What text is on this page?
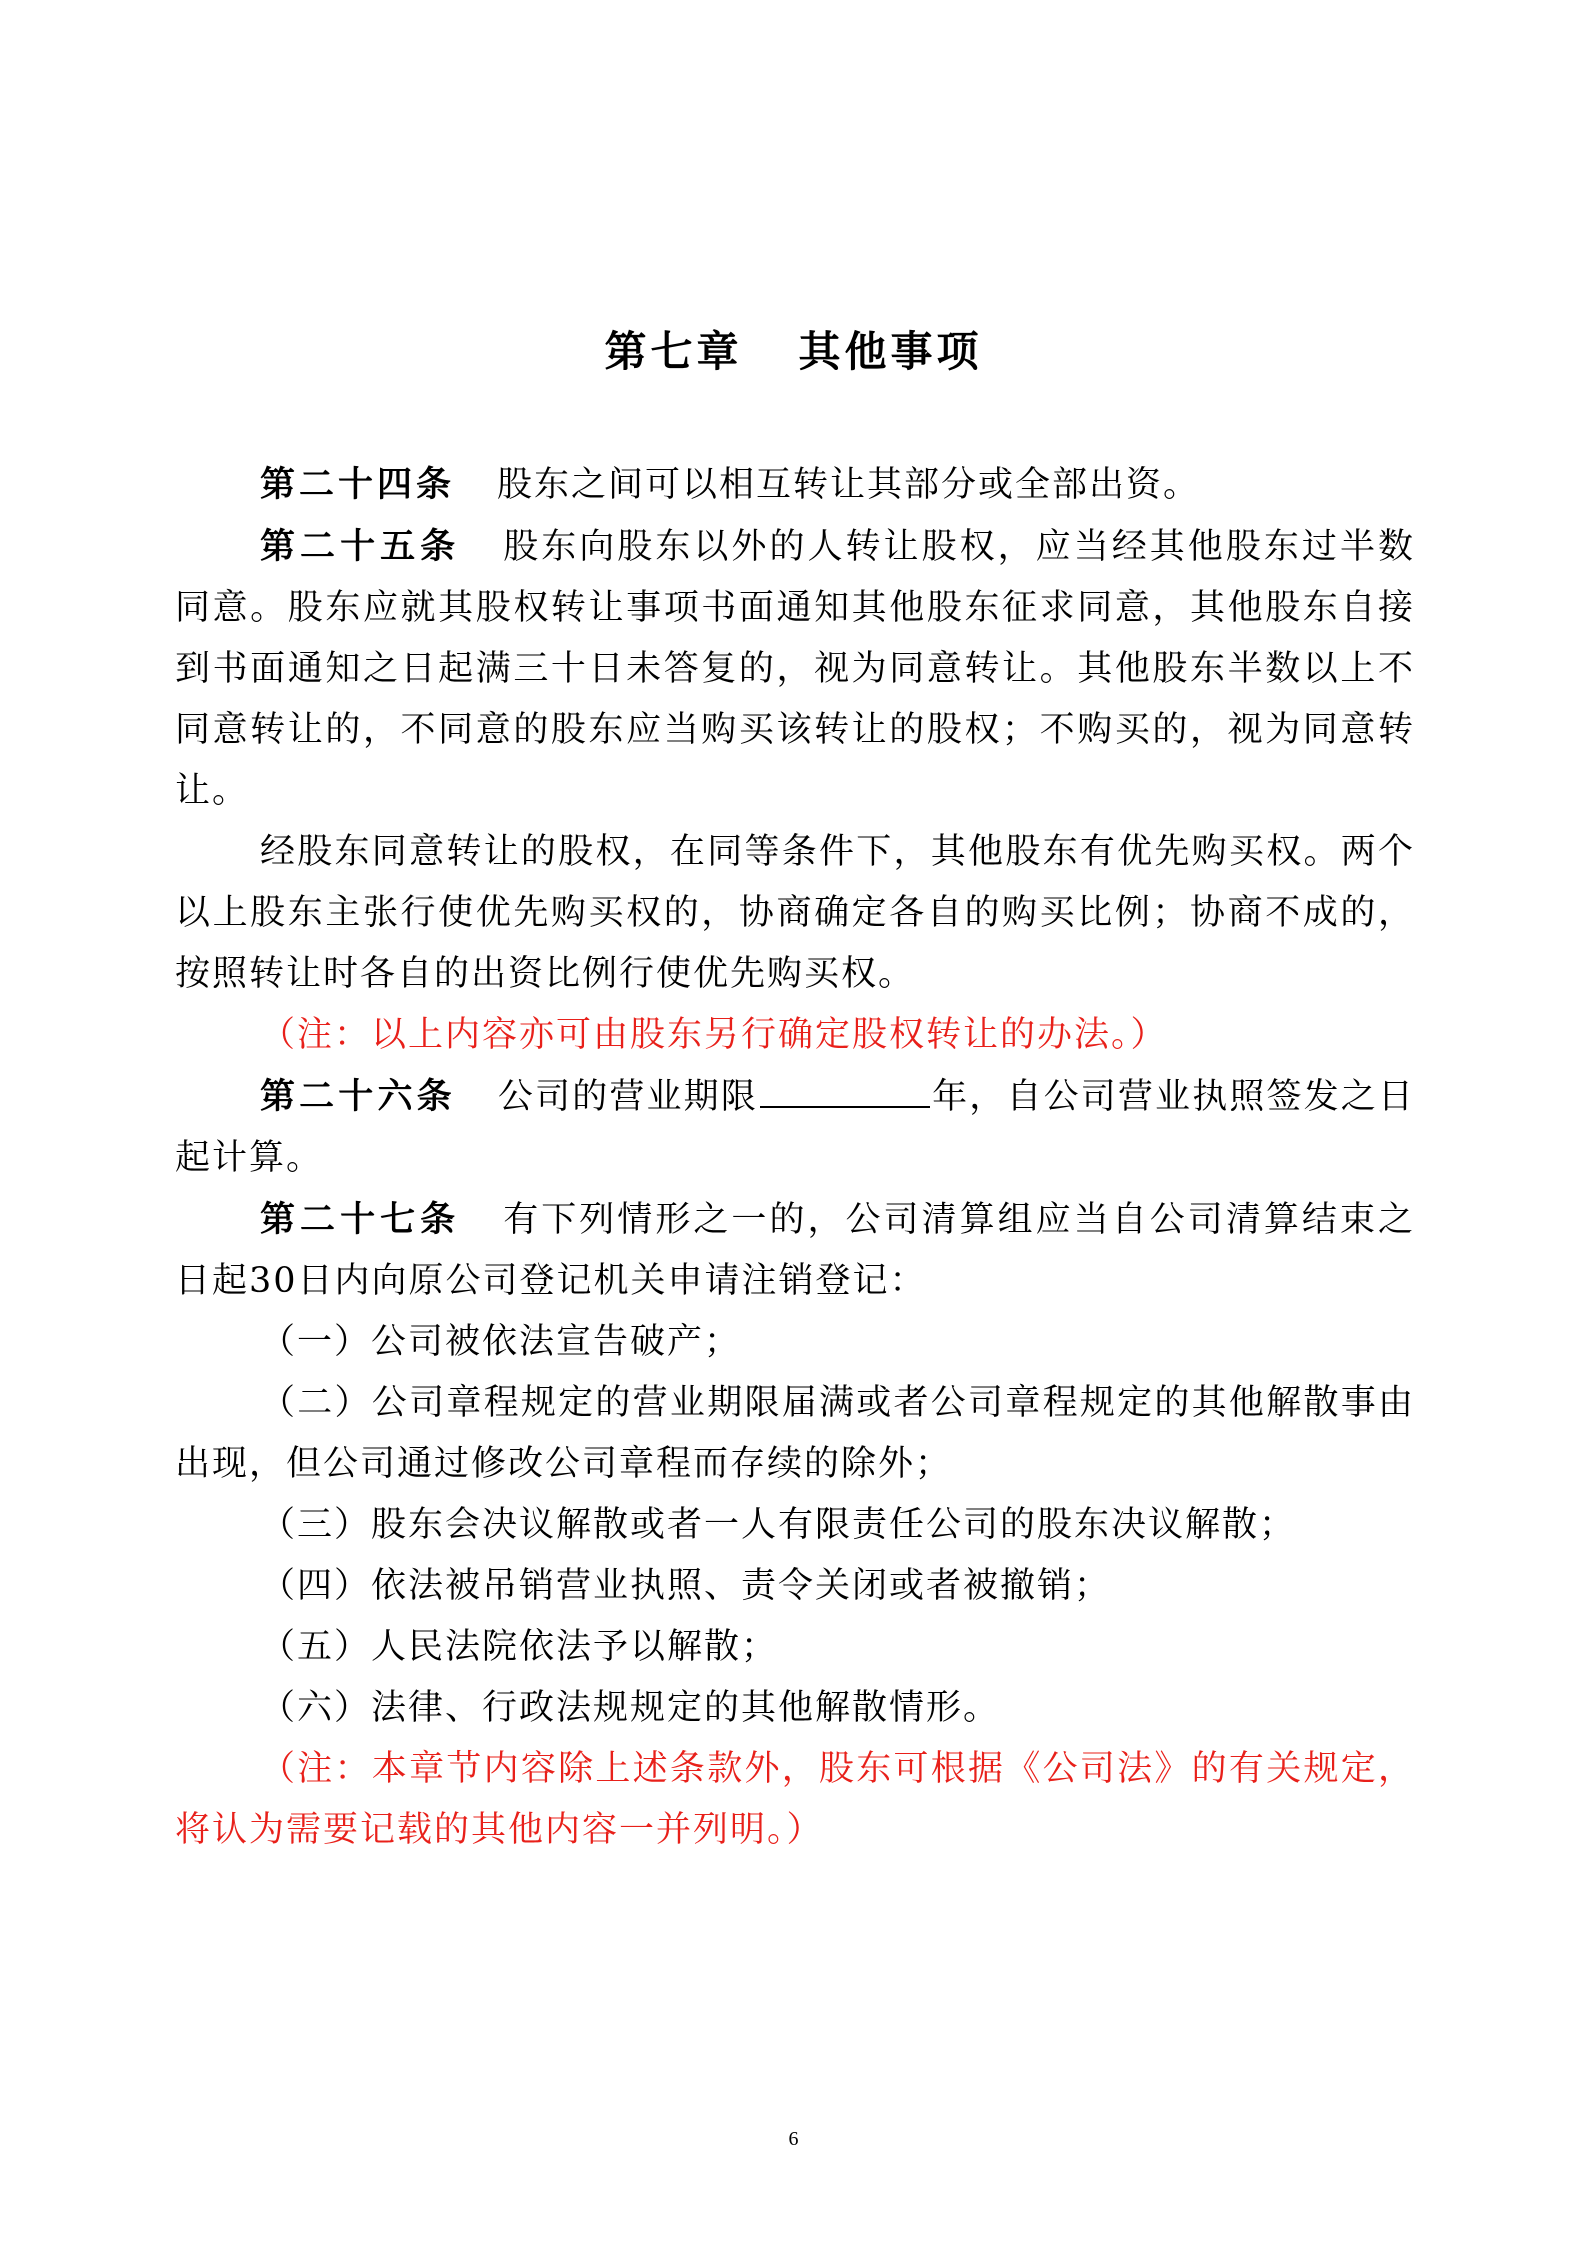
第七章 其他事项

第二十四条 股东之间可以相互转让其部分或全部出资。

第二十五条 股东向股东以外的人转让股权，应当经其他股东过半数同意。股东应就其股权转让事项书面通知其他股东征求同意，其他股东自接到书面通知之日起满三十日未答复的，视为同意转让。其他股东半数以上不同意转让的，不同意的股东应当购买该转让的股权；不购买的，视为同意转让。

经股东同意转让的股权，在同等条件下，其他股东有优先购买权。两个以上股东主张行使优先购买权的，协商确定各自的购买比例；协商不成的，按照转让时各自的出资比例行使优先购买权。

（注：以上内容亦可由股东另行确定股权转让的办法。）

第二十六条 公司的营业期限	年，自公司营业执照签发之日起计算。

第二十七条 有下列情形之一的，公司清算组应当自公司清算结束之日起30日内向原公司登记机关申请注销登记：

（一）公司被依法宣告破产；

（二）公司章程规定的营业期限届满或者公司章程规定的其他解散事由出现，但公司通过修改公司章程而存续的除外；

（三）股东会决议解散或者一人有限责任公司的股东决议解散；

（四）依法被吊销营业执照、责令关闭或者被撤销；

（五）人民法院依法予以解散；

（六）法律、行政法规规定的其他解散情形。

（注：本章节内容除上述条款外，股东可根据《公司法》的有关规定，将认为需要记载的其他内容一并列明。）

6
